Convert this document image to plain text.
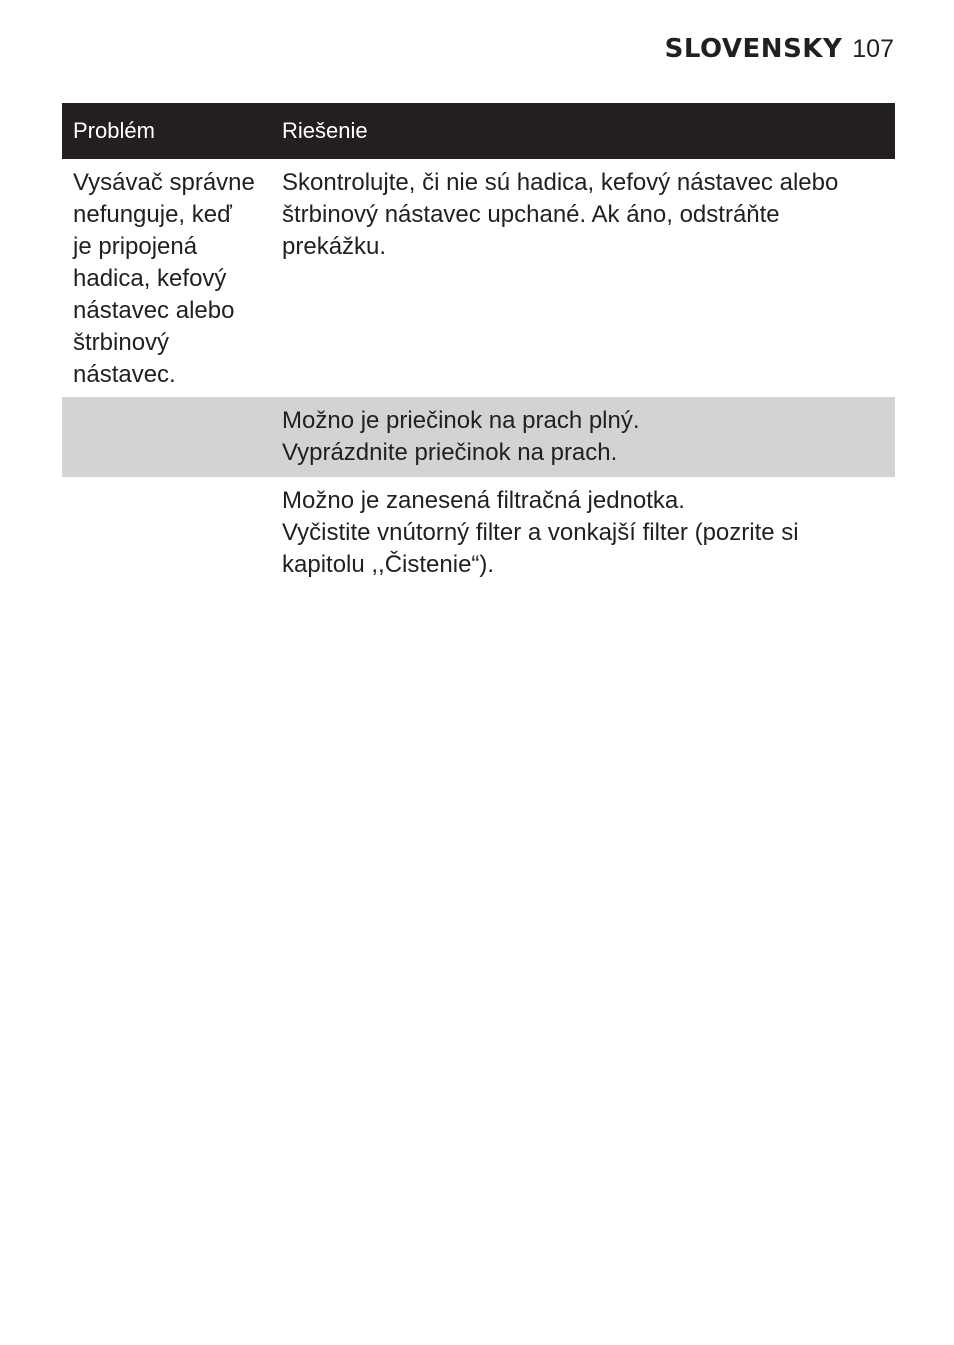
SLOVENSKY 107
Problém	Riešenie
Vysávač správne
nefunguje, keď
je pripojená
hadica, kefový
nástavec alebo
štrbinový
nástavec.
Skontrolujte, či nie sú hadica, kefový nástavec alebo
štrbinový nástavec upchané. Ak áno, odstráňte
prekážku.
Možno je priečinok na prach plný.
Vyprázdnite priečinok na prach.
Možno je zanesená filtračná jednotka.
Vyčistite vnútorný filter a vonkajší filter (pozrite si
kapitolu ,,Čistenie“).
